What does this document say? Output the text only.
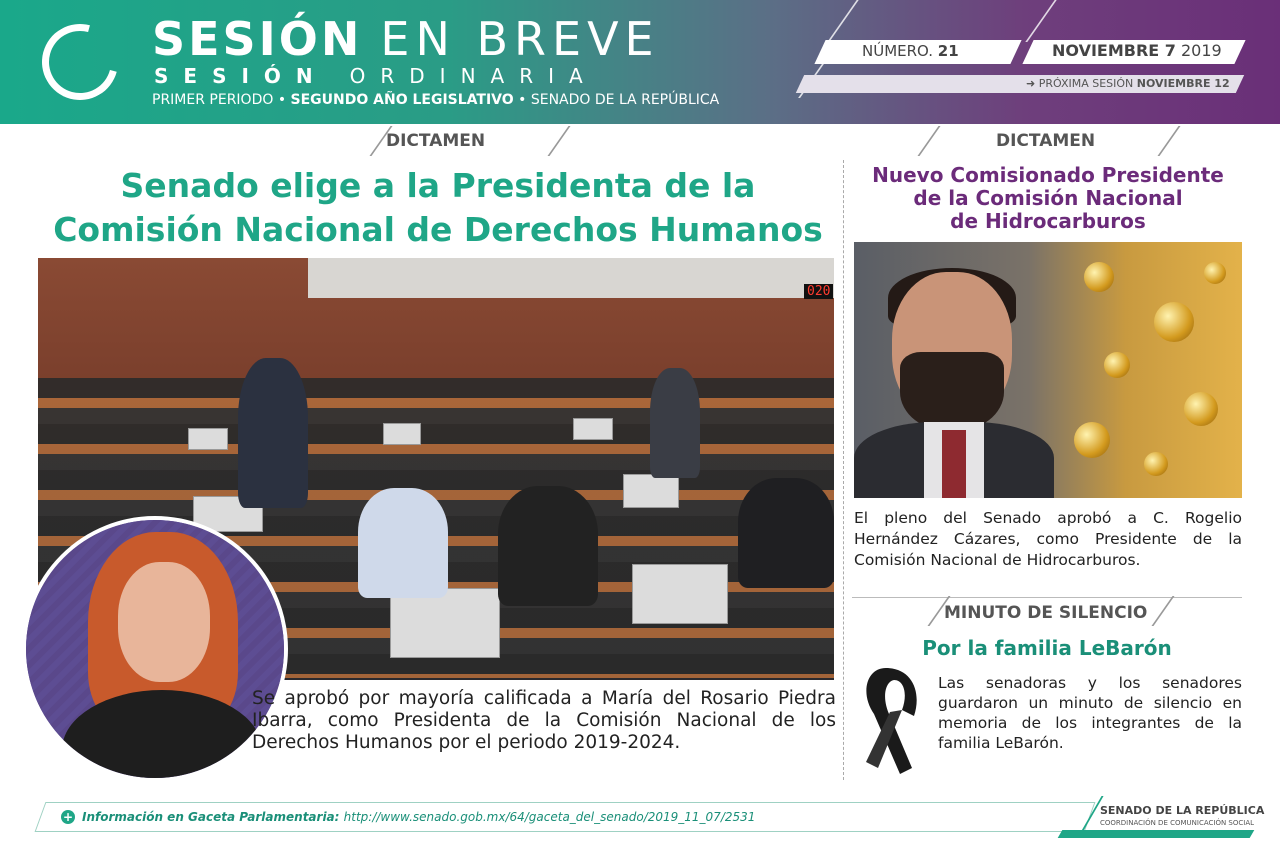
SESIÓN EN BREVE
SESIÓN ORDINARIA
PRIMER PERIODO • SEGUNDO AÑO LEGISLATIVO • SENADO DE LA REPÚBLICA
NÚMERO. 21	NOVIEMBRE 7 2019
➜ PRÓXIMA SESIÓN NOVIEMBRE 12
DICTAMEN
Senado elige a la Presidenta de la
Comisión Nacional de Derechos Humanos
020
Se aprobó por mayoría calificada a María del Rosario Piedra Ibarra, como Presidenta de la Comisión Nacional de los Derechos Humanos por el periodo 2019-2024.
DICTAMEN
Nuevo Comisionado Presidente
de la Comisión Nacional
de Hidrocarburos
El pleno del Senado aprobó a C. Rogelio Hernández Cázares, como Presidente de la Comisión Nacional de Hidrocarburos.
MINUTO DE SILENCIO
Por la familia LeBarón
Las senadoras y los senadores guardaron un minuto de silencio en memoria de los integrantes de la familia LeBarón.
+ Información en Gaceta Parlamentaria: http://www.senado.gob.mx/64/gaceta_del_senado/2019_11_07/2531	SENADO DE LA REPÚBLICA
COORDINACIÓN DE COMUNICACIÓN SOCIAL
